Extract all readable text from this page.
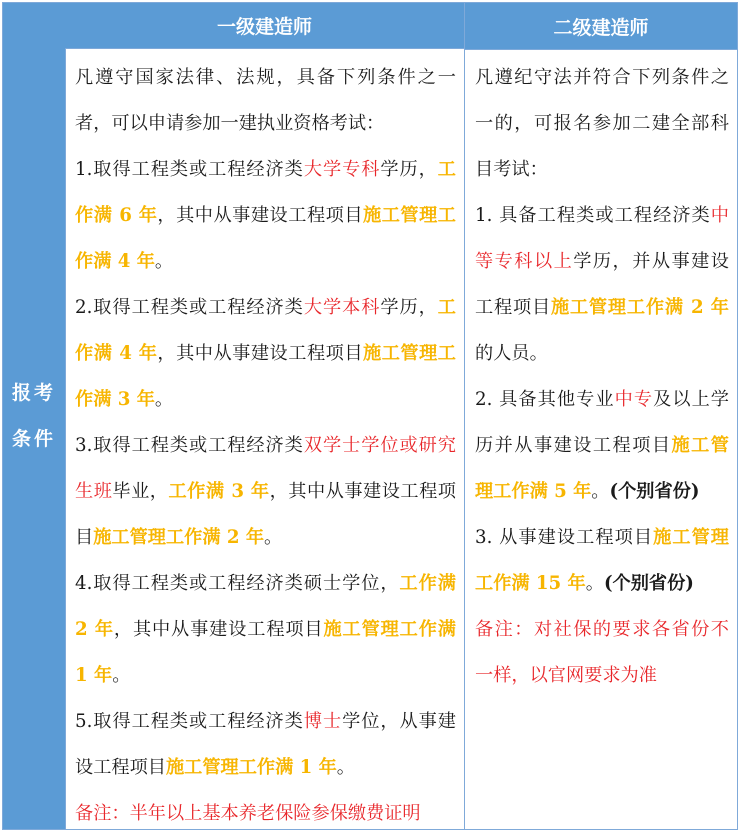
报考
条件
一级建造师	二级建造师

凡遵守国家法律、法规，具备下列条件之一者，可以申请参加一建执业资格考试：

1.取得工程类或工程经济类大学专科学历，工作满 6 年，其中从事建设工程项目施工管理工作满 4 年。

2.取得工程类或工程经济类大学本科学历，工作满 4 年，其中从事建设工程项目施工管理工作满 3 年。

3.取得工程类或工程经济类双学士学位或研究生班毕业，工作满 3 年，其中从事建设工程项目施工管理工作满 2 年。

4.取得工程类或工程经济类硕士学位，工作满 2 年，其中从事建设工程项目施工管理工作满 1 年。

5.取得工程类或工程经济类博士学位，从事建设工程项目施工管理工作满 1 年。

备注：半年以上基本养老保险参保缴费证明

凡遵纪守法并符合下列条件之一的，可报名参加二建全部科目考试：

1. 具备工程类或工程经济类中等专科以上学历，并从事建设工程项目施工管理工作满 2 年的人员。

2. 具备其他专业中专及以上学历并从事建设工程项目施工管理工作满 5 年。(个别省份)

3. 从事建设工程项目施工管理工作满 15 年。(个别省份)

备注：对社保的要求各省份不一样，以官网要求为准
